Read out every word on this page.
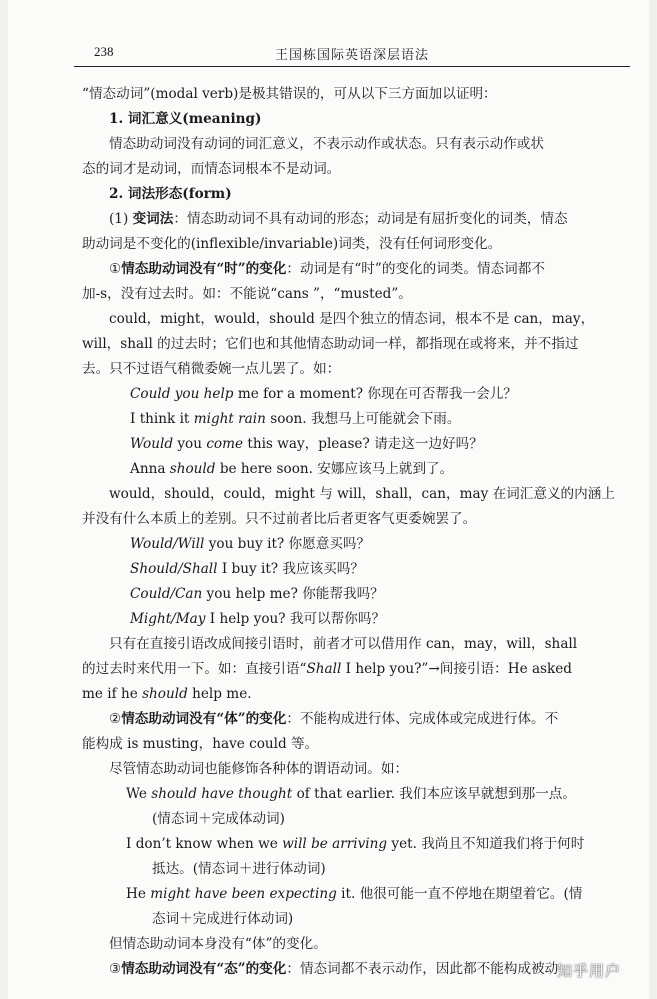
238	王国栋国际英语深层语法
“情态动词”(modal verb)是极其错误的，可从以下三方面加以证明：
1. 词汇意义(meaning)
情态助动词没有动词的词汇意义，不表示动作或状态。只有表示动作或状
态的词才是动词，而情态词根本不是动词。
2. 词法形态(form)
(1) 变词法：情态助动词不具有动词的形态；动词是有屈折变化的词类，情态
助动词是不变化的(inflexible/invariable)词类，没有任何词形变化。
①情态助动词没有“时”的变化：动词是有“时”的变化的词类。情态词都不
加-s，没有过去时。如：不能说“cans ”，“musted”。
could，might，would，should 是四个独立的情态词，根本不是 can，may，
will，shall 的过去时；它们也和其他情态助动词一样，都指现在或将来，并不指过
去。只不过语气稍微委婉一点儿罢了。如：
Could you help me for a moment? 你现在可否帮我一会儿？
I think it might rain soon. 我想马上可能就会下雨。
Would you come this way，please? 请走这一边好吗？
Anna should be here soon. 安娜应该马上就到了。
would，should，could，might 与 will，shall，can，may 在词汇意义的内涵上
并没有什么本质上的差别。只不过前者比后者更客气更委婉罢了。
Would/Will you buy it? 你愿意买吗？
Should/Shall I buy it? 我应该买吗？
Could/Can you help me? 你能帮我吗？
Might/May I help you? 我可以帮你吗？
只有在直接引语改成间接引语时，前者才可以借用作 can，may，will，shall
的过去时来代用一下。如：直接引语“Shall I help you?”→间接引语：He asked
me if he should help me.
②情态助动词没有“体”的变化：不能构成进行体、完成体或完成进行体。不
能构成 is musting，have could 等。
尽管情态助动词也能修饰各种体的谓语动词。如：
We should have thought of that earlier. 我们本应该早就想到那一点。
(情态词＋完成体动词)
I don’t know when we will be arriving yet. 我尚且不知道我们将于何时
抵达。(情态词＋进行体动词)
He might have been expecting it. 他很可能一直不停地在期望着它。(情
态词＋完成进行体动词)
但情态助动词本身没有“体”的变化。
③情态助动词没有“态”的变化：情态词都不表示动作，因此都不能构成被动
知乎用户
